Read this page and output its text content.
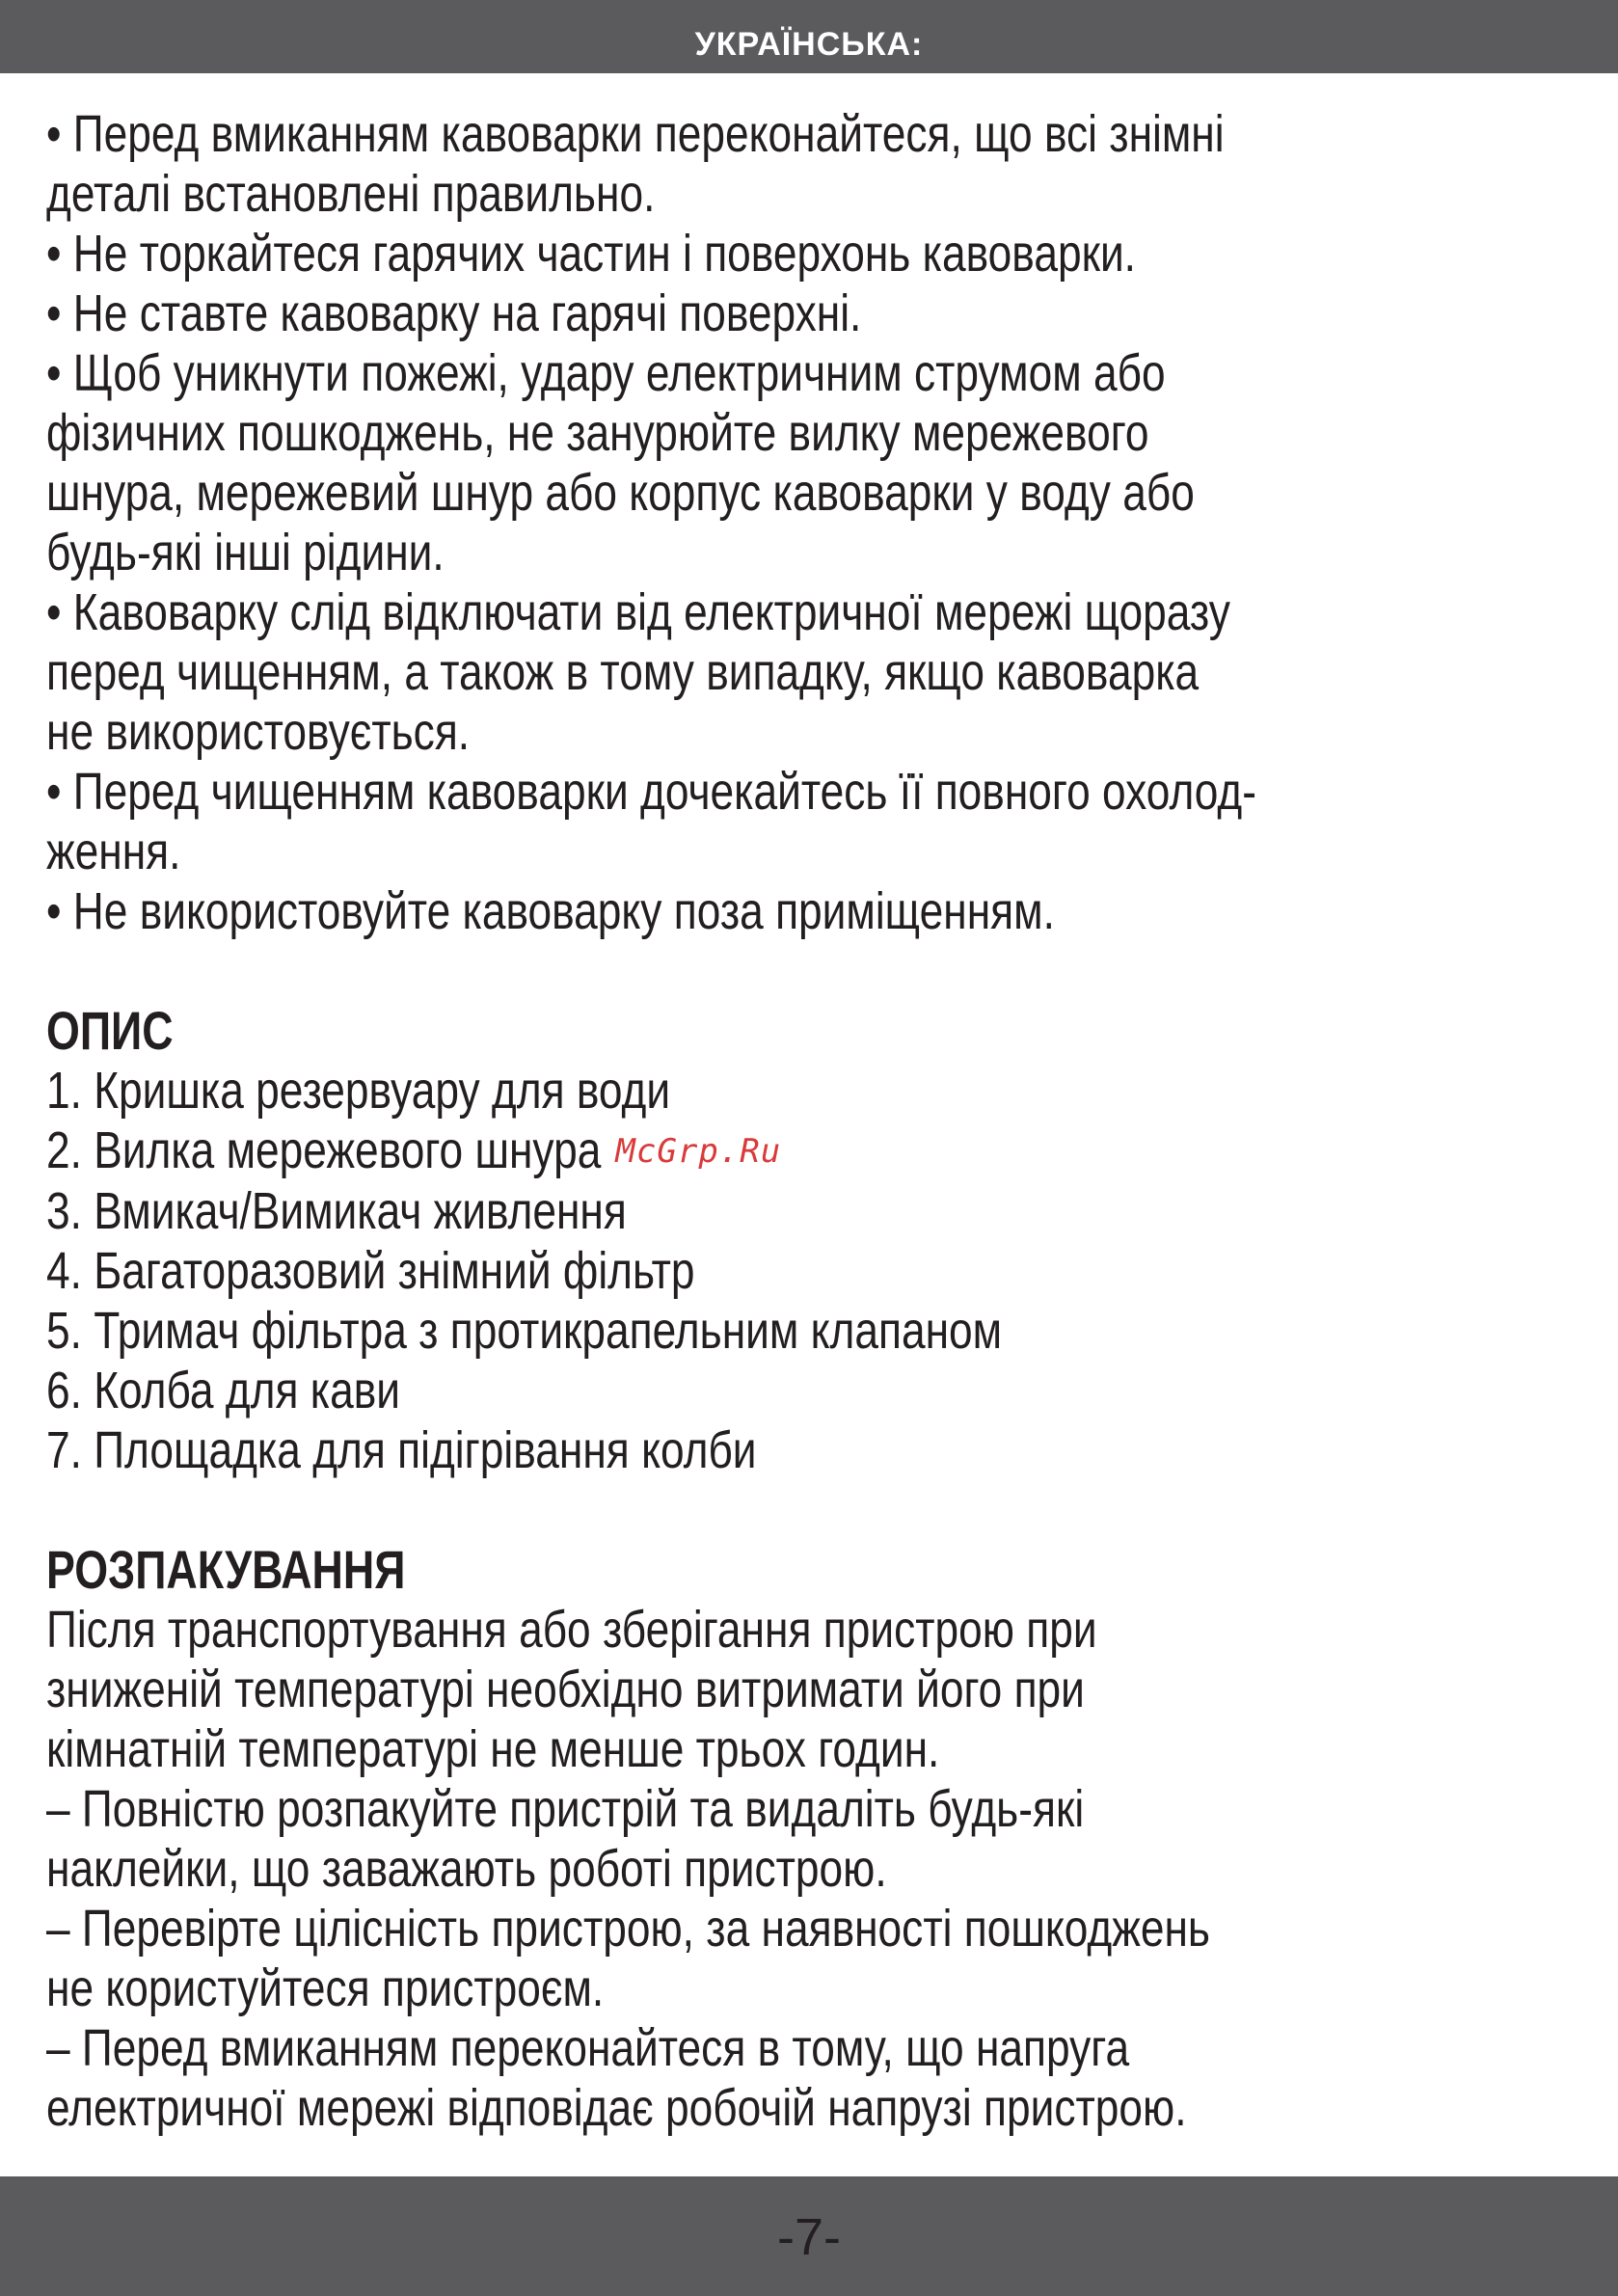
УКРАЇНСЬКА:
• Перед вмиканням кавоварки переконайтеся, що всі знімні
деталі встановлені правильно.
• Не торкайтеся гарячих частин і поверхонь кавоварки.
• Не ставте кавоварку на гарячі поверхні.
• Щоб уникнути пожежі, удару електричним струмом або
фізичних пошкоджень, не занурюйте вилку мережевого
шнура, мережевий шнур або корпус кавоварки у воду або
будь-які інші рідини.
• Кавоварку слід відключати від електричної мережі щоразу
перед чищенням, а також в тому випадку, якщо кавоварка
не використовується.
• Перед чищенням кавоварки дочекайтесь її повного охолод-
ження.
• Не використовуйте кавоварку поза приміщенням.
ОПИС
1. Кришка резервуару для води
2. Вилка мережевого шнура McGrp.Ru
3. Вмикач/Вимикач живлення
4. Багаторазовий знімний фільтр
5. Тримач фільтра з протикрапельним клапаном
6. Колба для кави
7. Площадка для підігрівання колби
РОЗПАКУВАННЯ
Після транспортування або зберігання пристрою при
зниженій температурі необхідно витримати його при
кімнатній температурі не менше трьох годин.
– Повністю розпакуйте пристрій та видаліть будь-які
наклейки, що заважають роботі пристрою.
– Перевірте цілісність пристрою, за наявності пошкоджень
не користуйтеся пристроєм.
– Перед вмиканням переконайтеся в тому, що напруга
електричної мережі відповідає робочій напрузі пристрою.
-7-
